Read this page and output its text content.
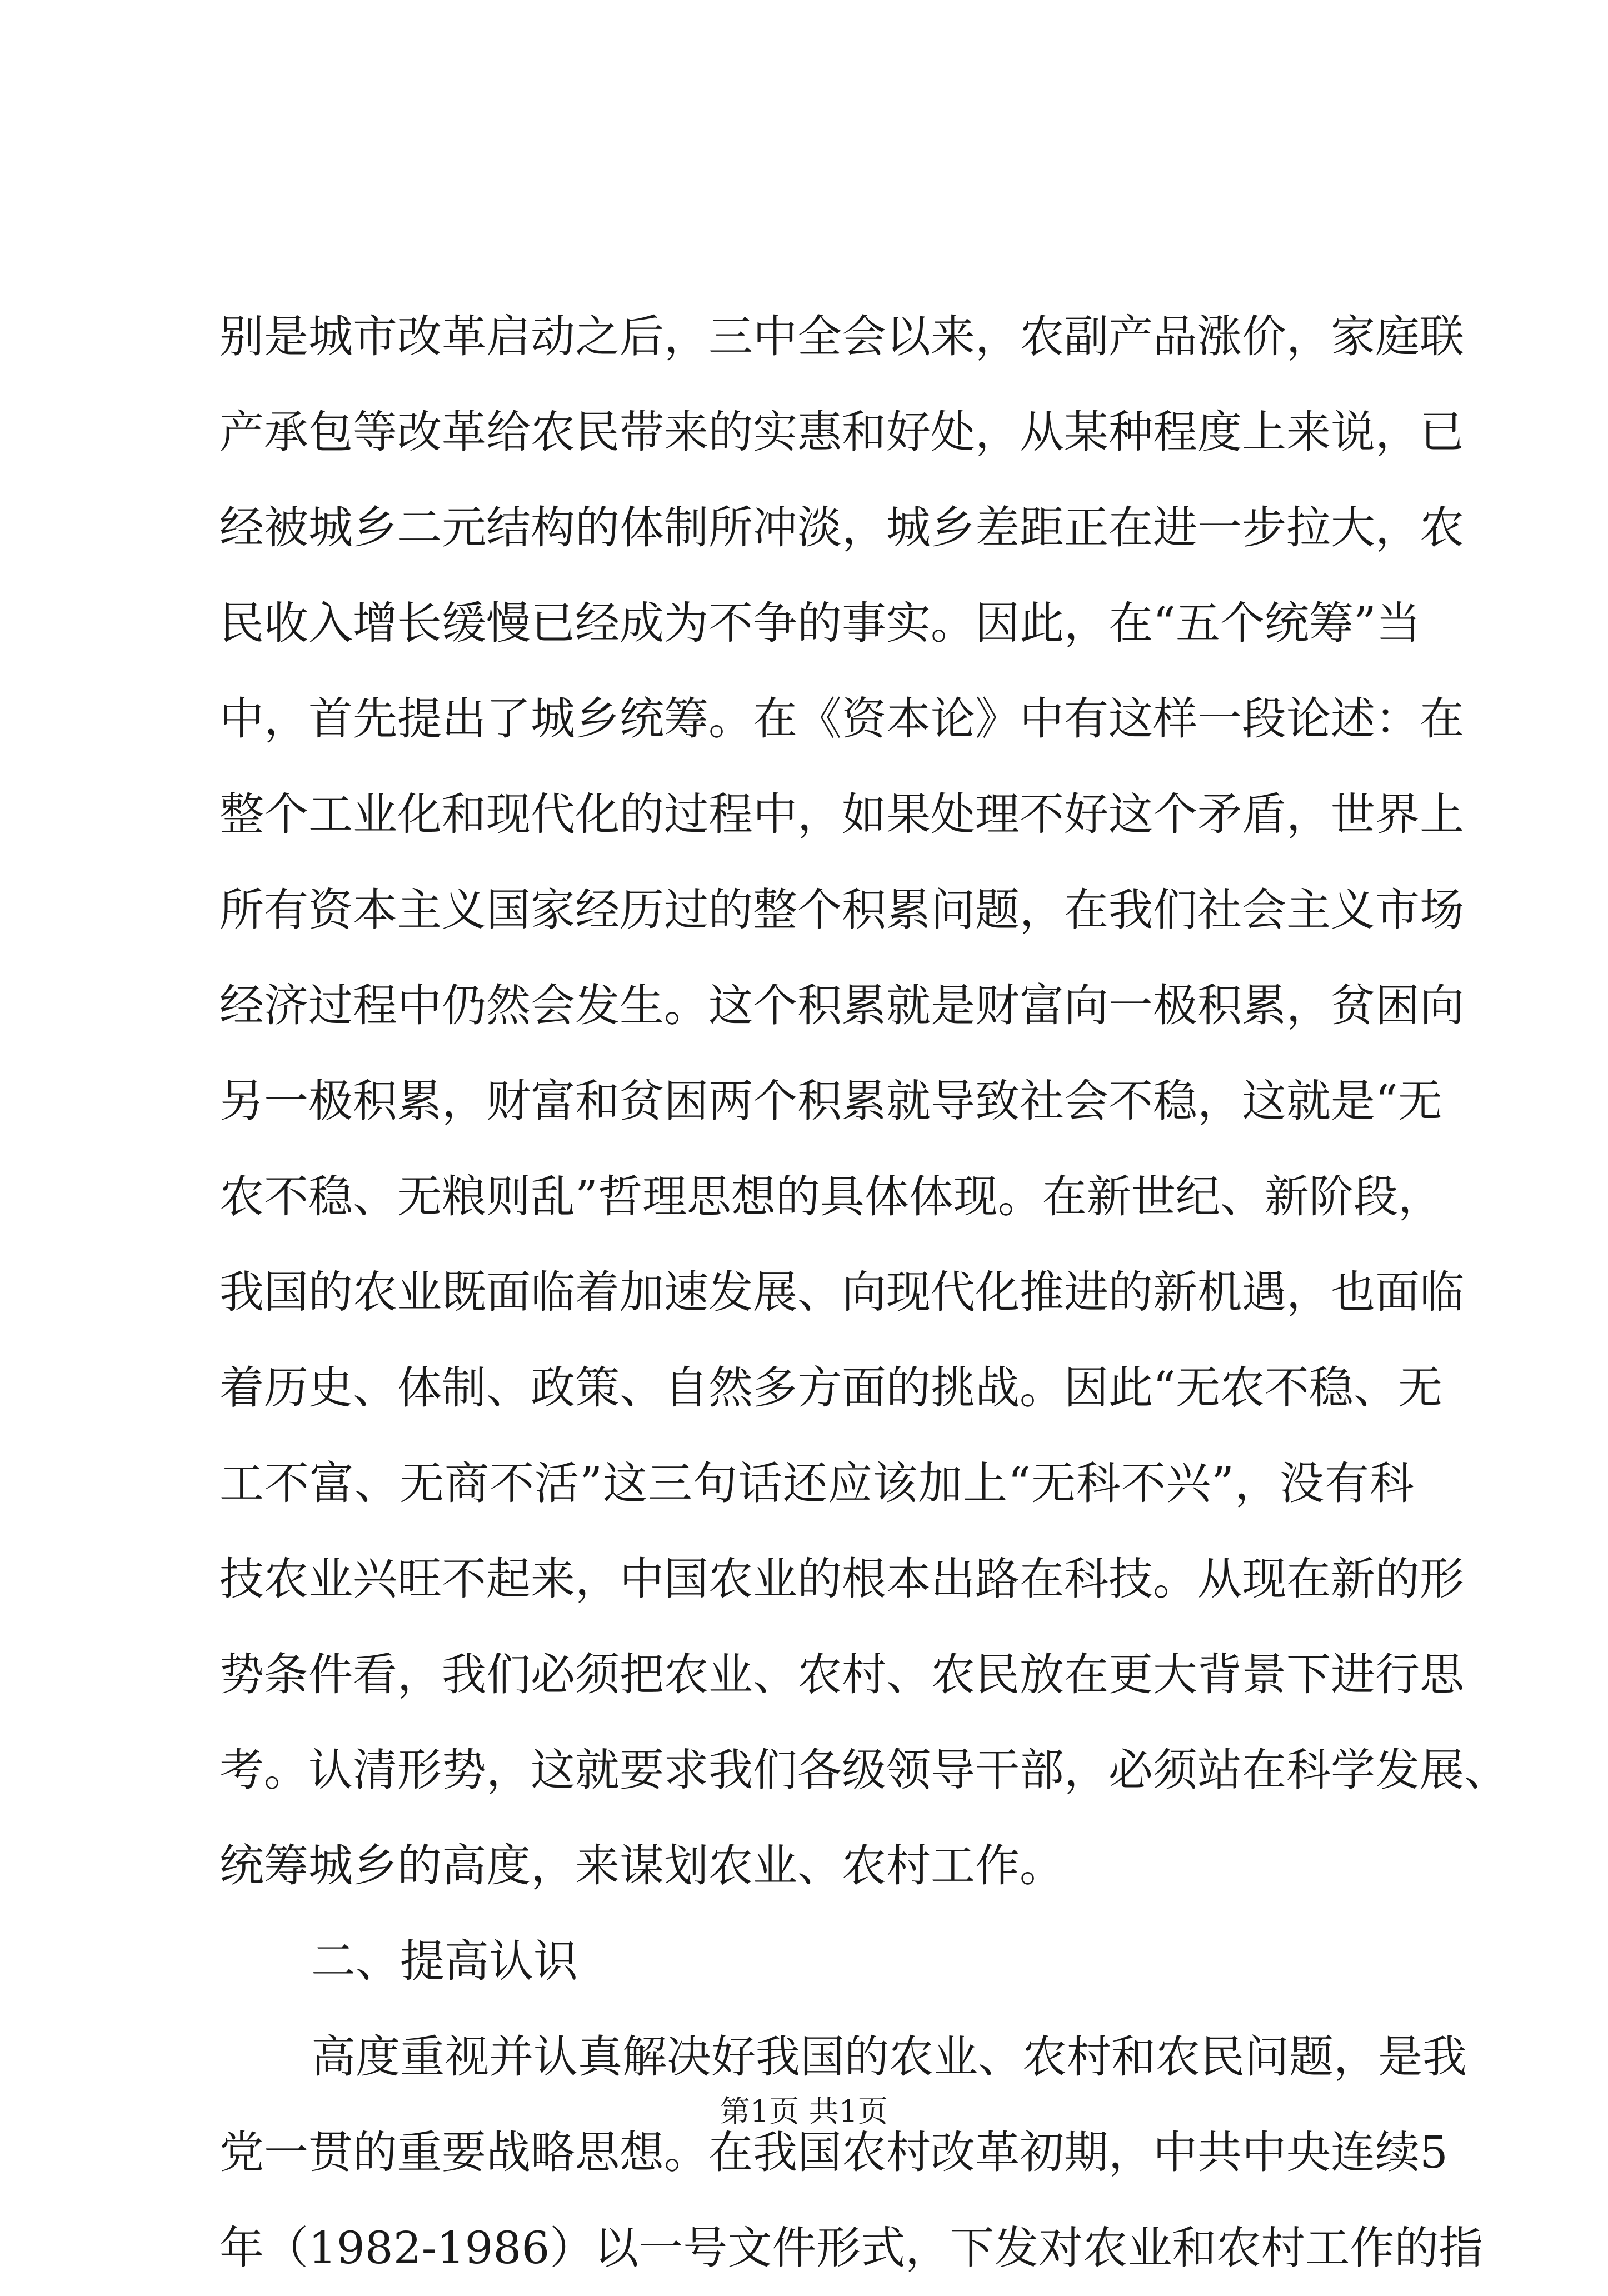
别是城市改革启动之后，三中全会以来，农副产品涨价，家庭联
产承包等改革给农民带来的实惠和好处，从某种程度上来说，已
经被城乡二元结构的体制所冲淡，城乡差距正在进一步拉大，农
民收入增长缓慢已经成为不争的事实。因此，在“五个统筹”当
中，首先提出了城乡统筹。在《资本论》中有这样一段论述：在
整个工业化和现代化的过程中，如果处理不好这个矛盾，世界上
所有资本主义国家经历过的整个积累问题，在我们社会主义市场
经济过程中仍然会发生。这个积累就是财富向一极积累，贫困向
另一极积累，财富和贫困两个积累就导致社会不稳，这就是“无
农不稳、无粮则乱”哲理思想的具体体现。在新世纪、新阶段，
我国的农业既面临着加速发展、向现代化推进的新机遇，也面临
着历史、体制、政策、自然多方面的挑战。因此“无农不稳、无
工不富、无商不活”这三句话还应该加上“无科不兴”，没有科
技农业兴旺不起来，中国农业的根本出路在科技。从现在新的形
势条件看，我们必须把农业、农村、农民放在更大背景下进行思
考。认清形势，这就要求我们各级领导干部，必须站在科学发展、
统筹城乡的高度，来谋划农业、农村工作。
二、提高认识
高度重视并认真解决好我国的农业、农村和农民问题，是我
党一贯的重要战略思想。在我国农村改革初期，中共中央连续5
年（1982-1986）以一号文件形式，下发对农业和农村工作的指
第1页 共1页
